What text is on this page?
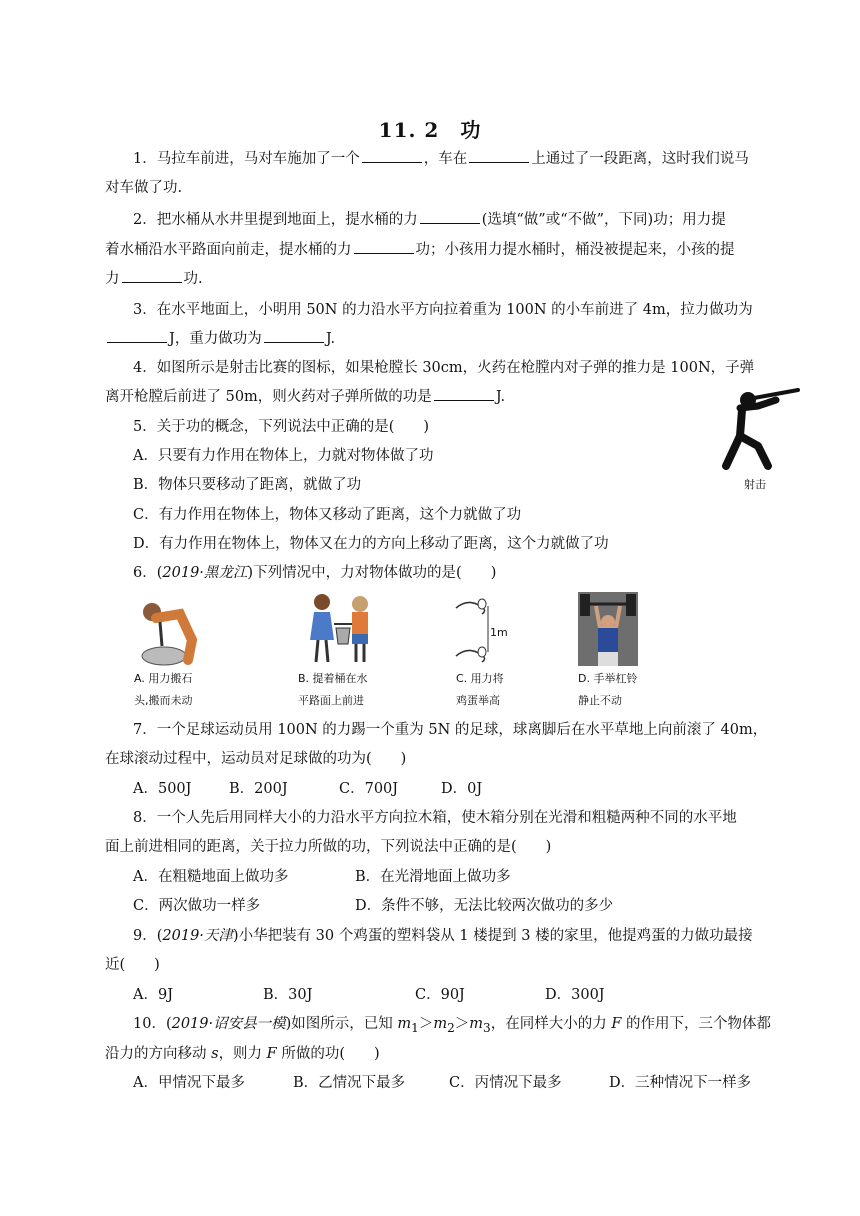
11. 2　功
1．马拉车前进，马对车施加了一个	，车在	上通过了一段距离，这时我们说马
对车做了功.
2．把水桶从水井里提到地面上，提水桶的力	(选填“做”或“不做”，下同)功；用力提
着水桶沿水平路面向前走，提水桶的力	功；小孩用力提水桶时，桶没被提起来，小孩的提
力	功.
3．在水平地面上，小明用 50N 的力沿水平方向拉着重为 100N 的小车前进了 4m，拉力做功为
J，重力做功为	J.
4．如图所示是射击比赛的图标，如果枪膛长 30cm，火药在枪膛内对子弹的推力是 100N，子弹
离开枪膛后前进了 50m，则火药对子弹所做的功是	J.
射击
5．关于功的概念，下列说法中正确的是(　　)
A．只要有力作用在物体上，力就对物体做了功
B．物体只要移动了距离，就做了功
C．有力作用在物体上，物体又移动了距离，这个力就做了功
D．有力作用在物体上，物体又在力的方向上移动了距离，这个力就做了功
6．(2019·黑龙江)下列情况中，力对物体做功的是(　　)
1m
A. 用力搬石
头,搬而未动
B. 提着桶在水
平路面上前进
C. 用力将
鸡蛋举高
D. 手举杠铃
静止不动
7．一个足球运动员用 100N 的力踢一个重为 5N 的足球，球离脚后在水平草地上向前滚了 40m，
在球滚动过程中，运动员对足球做的功为(　　)
A．500J	B．200J	C．700J	D．0J
8．一个人先后用同样大小的力沿水平方向拉木箱，使木箱分别在光滑和粗糙两种不同的水平地
面上前进相同的距离，关于拉力所做的功，下列说法中正确的是(　　)
A．在粗糙地面上做功多	B．在光滑地面上做功多
C．两次做功一样多	D．条件不够，无法比较两次做功的多少
9．(2019·天津)小华把装有 30 个鸡蛋的塑料袋从 1 楼提到 3 楼的家里，他提鸡蛋的力做功最接
近(　　)
A．9J	B．30J	C．90J	D．300J
10．(2019·诏安县一模)如图所示，已知 $m_1>m_2>m_3$，在同样大小的力 F 的作用下，三个物体都
沿力的方向移动 s，则力 F 所做的功(　　)
A．甲情况下最多	B．乙情况下最多	C．丙情况下最多	D．三种情况下一样多
